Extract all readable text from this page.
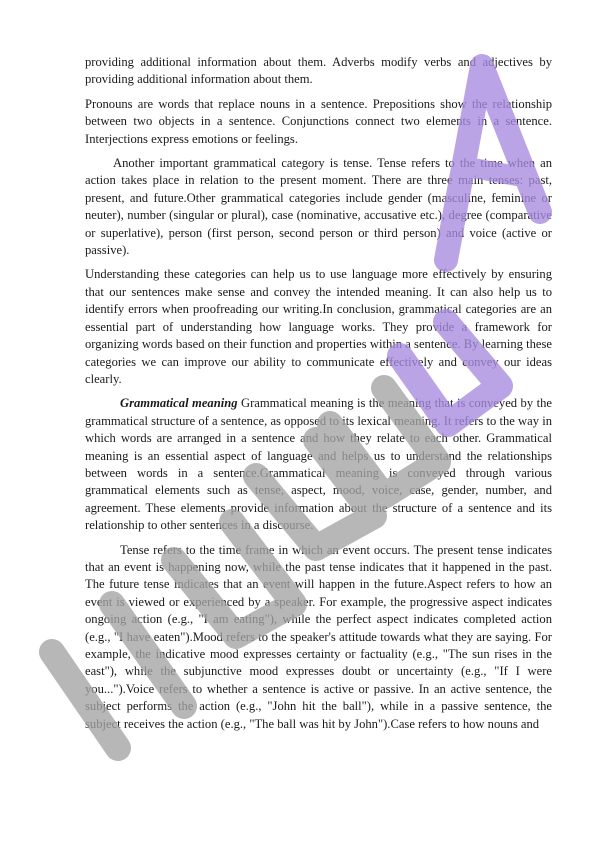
providing additional information about them. Adverbs modify verbs and adjectives by providing additional information about them.

Pronouns are words that replace nouns in a sentence. Prepositions show the relationship between two objects in a sentence. Conjunctions connect two elements in a sentence. Interjections express emotions or feelings.

Another important grammatical category is tense. Tense refers to the time when an action takes place in relation to the present moment. There are three main tenses: past, present, and future.Other grammatical categories include gender (masculine, feminine or neuter), number (singular or plural), case (nominative, accusative etc.), degree (comparative or superlative), person (first person, second person or third person) and voice (active or passive).

Understanding these categories can help us to use language more effectively by ensuring that our sentences make sense and convey the intended meaning. It can also help us to identify errors when proofreading our writing.In conclusion, grammatical categories are an essential part of understanding how language works. They provide a framework for organizing words based on their function and properties within a sentence. By learning these categories we can improve our ability to communicate effectively and convey our ideas clearly.

Grammatical meaning Grammatical meaning is the meaning that is conveyed by the grammatical structure of a sentence, as opposed to its lexical meaning. It refers to the way in which words are arranged in a sentence and how they relate to each other. Grammatical meaning is an essential aspect of language and helps us to understand the relationships between words in a sentence.Grammatical meaning is conveyed through various grammatical elements such as tense, aspect, mood, voice, case, gender, number, and agreement. These elements provide information about the structure of a sentence and its relationship to other sentences in a discourse.

Tense refers to the time frame in which an event occurs. The present tense indicates that an event is happening now, while the past tense indicates that it happened in the past. The future tense indicates that an event will happen in the future.Aspect refers to how an event is viewed or experienced by a speaker. For example, the progressive aspect indicates ongoing action (e.g., "I am eating"), while the perfect aspect indicates completed action (e.g., "I have eaten").Mood refers to the speaker's attitude towards what they are saying. For example, the indicative mood expresses certainty or factuality (e.g., "The sun rises in the east"), while the subjunctive mood expresses doubt or uncertainty (e.g., "If I were you...").Voice refers to whether a sentence is active or passive. In an active sentence, the subject performs the action (e.g., "John hit the ball"), while in a passive sentence, the subject receives the action (e.g., "The ball was hit by John").Case refers to how nouns and
